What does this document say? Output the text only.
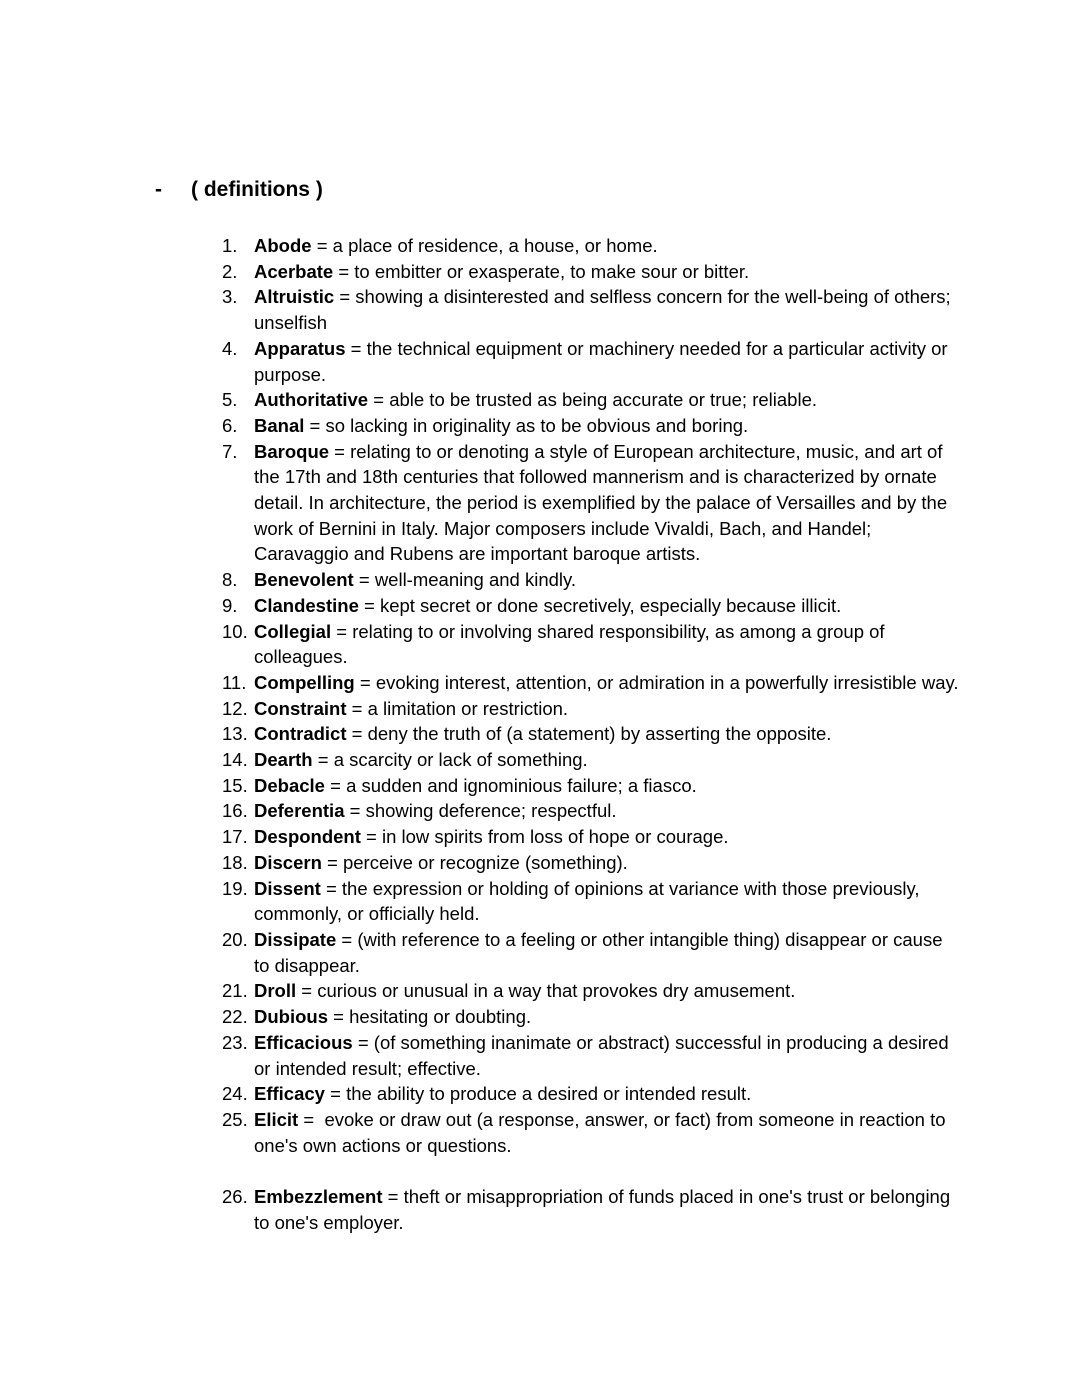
- ( definitions )
1. Abode = a place of residence, a house, or home.
2. Acerbate = to embitter or exasperate, to make sour or bitter.
3. Altruistic = showing a disinterested and selfless concern for the well-being of others; unselfish
4. Apparatus = the technical equipment or machinery needed for a particular activity or purpose.
5. Authoritative = able to be trusted as being accurate or true; reliable.
6. Banal = so lacking in originality as to be obvious and boring.
7. Baroque = relating to or denoting a style of European architecture, music, and art of the 17th and 18th centuries that followed mannerism and is characterized by ornate detail. In architecture, the period is exemplified by the palace of Versailles and by the work of Bernini in Italy. Major composers include Vivaldi, Bach, and Handel; Caravaggio and Rubens are important baroque artists.
8. Benevolent = well-meaning and kindly.
9. Clandestine = kept secret or done secretively, especially because illicit.
10. Collegial = relating to or involving shared responsibility, as among a group of colleagues.
11. Compelling = evoking interest, attention, or admiration in a powerfully irresistible way.
12. Constraint = a limitation or restriction.
13. Contradict = deny the truth of (a statement) by asserting the opposite.
14. Dearth = a scarcity or lack of something.
15. Debacle = a sudden and ignominious failure; a fiasco.
16. Deferentia = showing deference; respectful.
17. Despondent = in low spirits from loss of hope or courage.
18. Discern = perceive or recognize (something).
19. Dissent = the expression or holding of opinions at variance with those previously, commonly, or officially held.
20. Dissipate = (with reference to a feeling or other intangible thing) disappear or cause to disappear.
21. Droll = curious or unusual in a way that provokes dry amusement.
22. Dubious = hesitating or doubting.
23. Efficacious = (of something inanimate or abstract) successful in producing a desired or intended result; effective.
24. Efficacy = the ability to produce a desired or intended result.
25. Elicit =  evoke or draw out (a response, answer, or fact) from someone in reaction to one's own actions or questions.
26. Embezzlement = theft or misappropriation of funds placed in one's trust or belonging to one's employer.
